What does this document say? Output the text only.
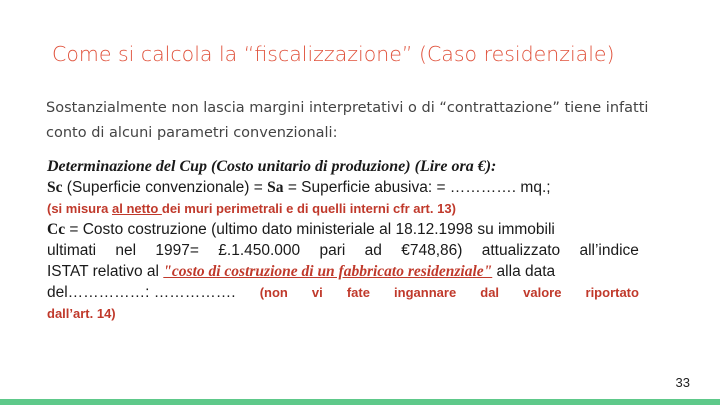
Come si calcola la “fiscalizzazione” (Caso residenziale)
Sostanzialmente non lascia margini interpretativi o di “contrattazione” tiene infatti conto di alcuni parametri convenzionali:
Determinazione del Cup (Costo unitario di produzione) (Lire ora €):
Sc (Superficie convenzionale) = Sa = Superficie abusiva: = …………. mq.;
(si misura al netto dei muri perimetrali e di quelli interni cfr art. 13)
Cc = Costo costruzione (ultimo dato ministeriale al 18.12.1998 su immobili
ultimati nel 1997= £.1.450.000 pari ad €748,86) attualizzato all’indice
ISTAT relativo al "costo di costruzione di un fabbricato residenziale" alla data
del……………: ……………. (non vi fate ingannare dal valore riportato
dall’art. 14)
33
